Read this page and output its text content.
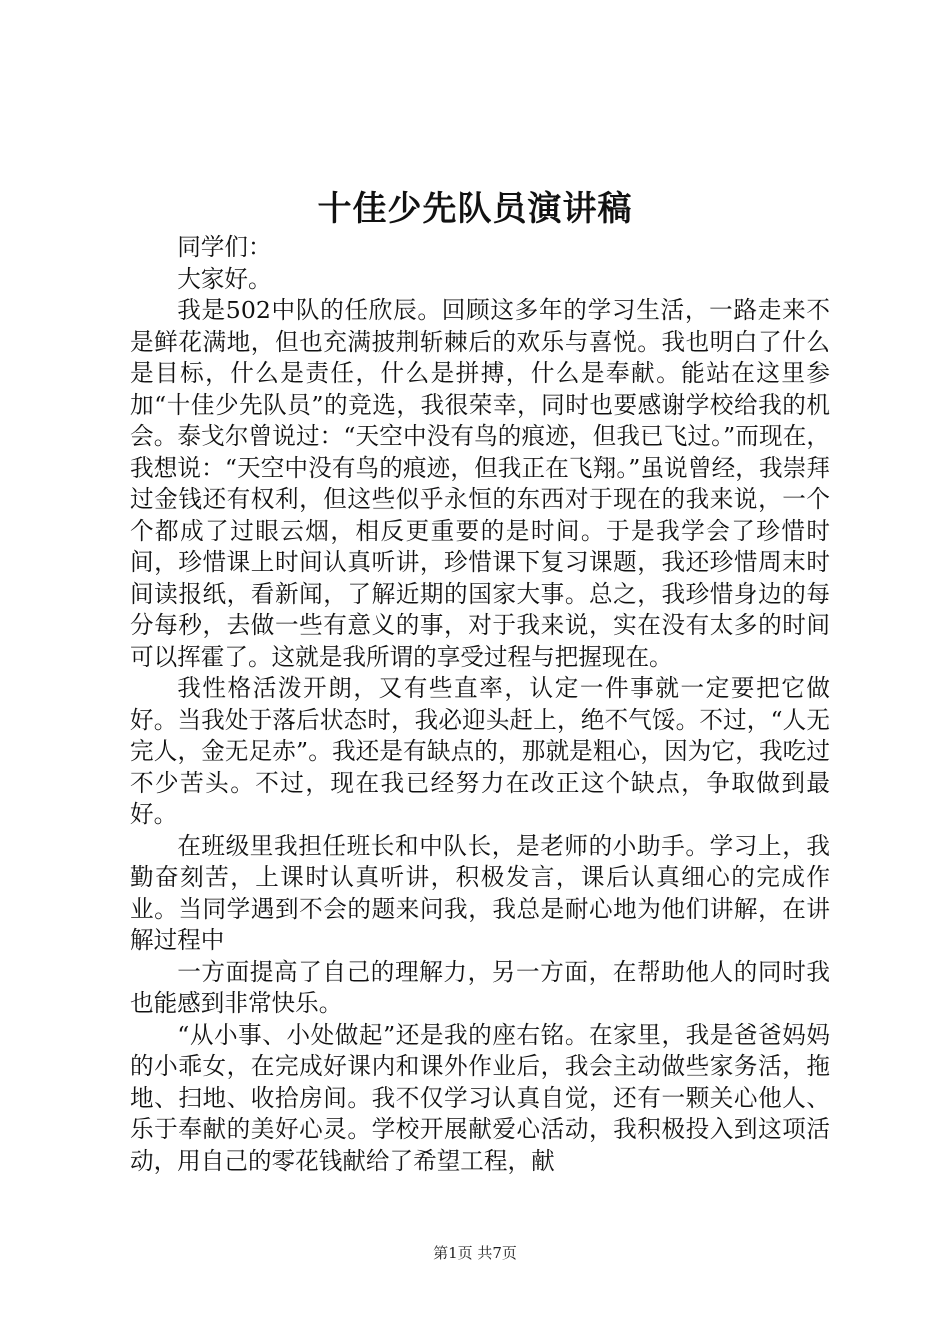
十佳少先队员演讲稿

同学们：

大家好。

我是502中队的任欣辰。回顾这多年的学习生活，一路走来不是鲜花满地，但也充满披荆斩棘后的欢乐与喜悦。我也明白了什么是目标，什么是责任，什么是拼搏，什么是奉献。能站在这里参加“十佳少先队员”的竞选，我很荣幸，同时也要感谢学校给我的机会。泰戈尔曾说过：“天空中没有鸟的痕迹，但我已飞过。”而现在，我想说：“天空中没有鸟的痕迹，但我正在飞翔。”虽说曾经，我崇拜过金钱还有权利，但这些似乎永恒的东西对于现在的我来说，一个个都成了过眼云烟，相反更重要的是时间。于是我学会了珍惜时间，珍惜课上时间认真听讲，珍惜课下复习课题，我还珍惜周末时间读报纸，看新闻，了解近期的国家大事。总之，我珍惜身边的每分每秒，去做一些有意义的事，对于我来说，实在没有太多的时间可以挥霍了。这就是我所谓的享受过程与把握现在。

我性格活泼开朗，又有些直率，认定一件事就一定要把它做好。当我处于落后状态时，我必迎头赶上，绝不气馁。不过，“人无完人，金无足赤”。我还是有缺点的，那就是粗心，因为它，我吃过不少苦头。不过，现在我已经努力在改正这个缺点，争取做到最好。

在班级里我担任班长和中队长，是老师的小助手。学习上，我勤奋刻苦，上课时认真听讲，积极发言，课后认真细心的完成作业。当同学遇到不会的题来问我，我总是耐心地为他们讲解，在讲解过程中

一方面提高了自己的理解力，另一方面，在帮助他人的同时我也能感到非常快乐。

“从小事、小处做起”还是我的座右铭。在家里，我是爸爸妈妈的小乖女，在完成好课内和课外作业后，我会主动做些家务活，拖地、扫地、收拾房间。我不仅学习认真自觉，还有一颗关心他人、乐于奉献的美好心灵。学校开展献爱心活动，我积极投入到这项活动，用自己的零花钱献给了希望工程，献

第1页 共7页
